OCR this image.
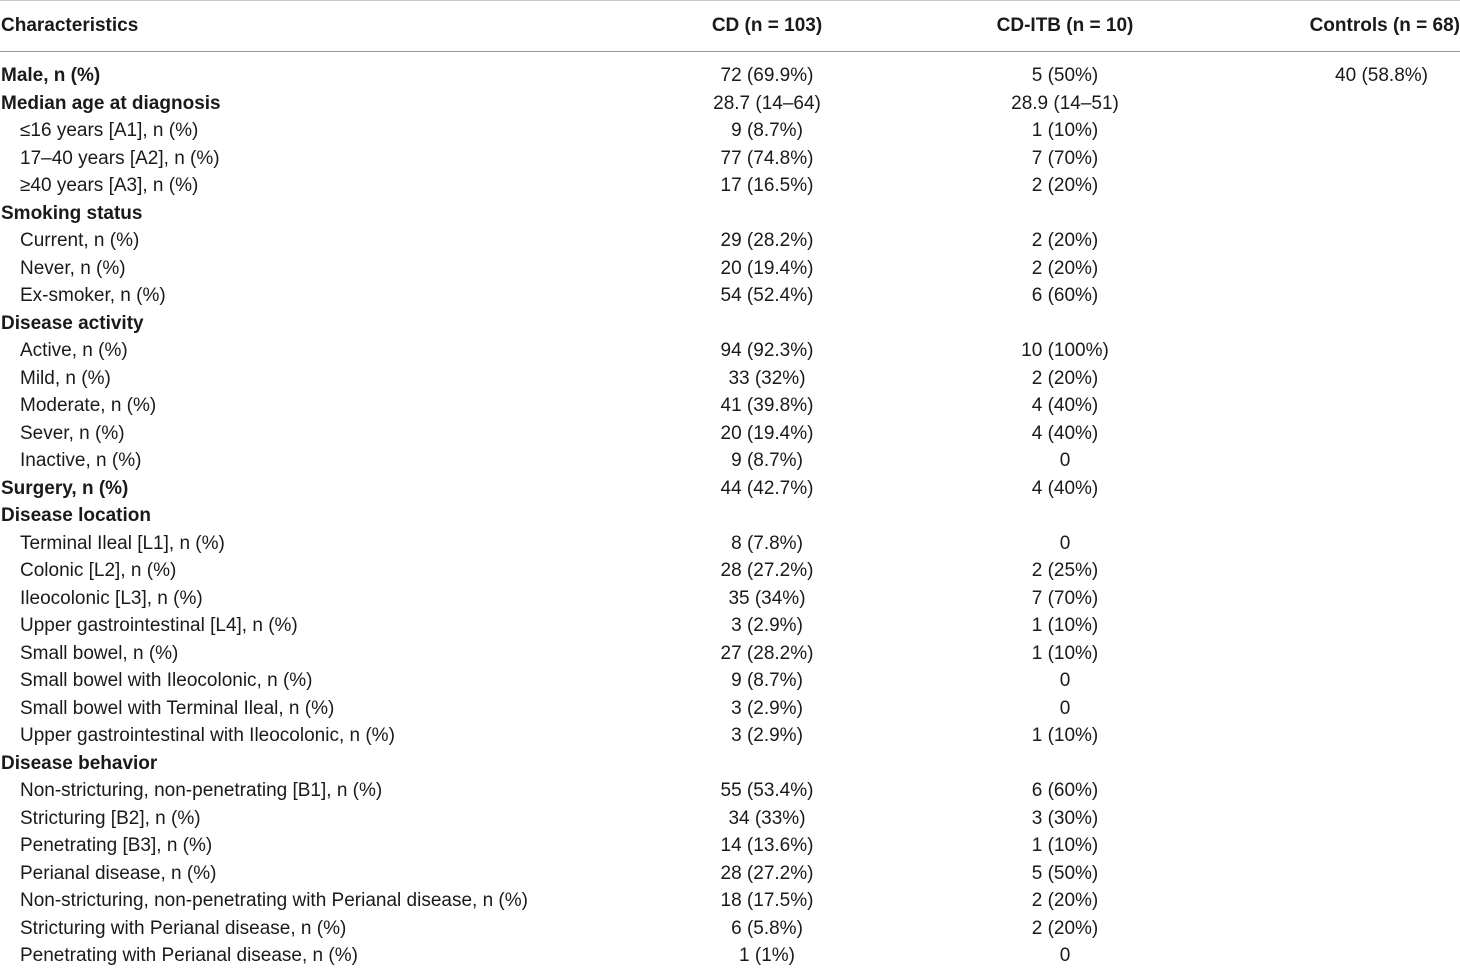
Characteristics	CD (n = 103)	CD-ITB (n = 10)	Controls (n = 68)

Male, n (%)	72 (69.9%)	5 (50%)	40 (58.8%)
Median age at diagnosis	28.7 (14–64)	28.9 (14–51)	
≤16 years [A1], n (%)	9 (8.7%)	1 (10%)	
17–40 years [A2], n (%)	77 (74.8%)	7 (70%)	
≥40 years [A3], n (%)	17 (16.5%)	2 (20%)	
Smoking status			
Current, n (%)	29 (28.2%)	2 (20%)	
Never, n (%)	20 (19.4%)	2 (20%)	
Ex-smoker, n (%)	54 (52.4%)	6 (60%)	
Disease activity			
Active, n (%)	94 (92.3%)	10 (100%)	
Mild, n (%)	33 (32%)	2 (20%)	
Moderate, n (%)	41 (39.8%)	4 (40%)	
Sever, n (%)	20 (19.4%)	4 (40%)	
Inactive, n (%)	9 (8.7%)	0	
Surgery, n (%)	44 (42.7%)	4 (40%)	
Disease location			
Terminal Ileal [L1], n (%)	8 (7.8%)	0	
Colonic [L2], n (%)	28 (27.2%)	2 (25%)	
Ileocolonic [L3], n (%)	35 (34%)	7 (70%)	
Upper gastrointestinal [L4], n (%)	3 (2.9%)	1 (10%)	
Small bowel, n (%)	27 (28.2%)	1 (10%)	
Small bowel with Ileocolonic, n (%)	9 (8.7%)	0	
Small bowel with Terminal Ileal, n (%)	3 (2.9%)	0	
Upper gastrointestinal with Ileocolonic, n (%)	3 (2.9%)	1 (10%)	
Disease behavior			
Non-stricturing, non-penetrating [B1], n (%)	55 (53.4%)	6 (60%)	
Stricturing [B2], n (%)	34 (33%)	3 (30%)	
Penetrating [B3], n (%)	14 (13.6%)	1 (10%)	
Perianal disease, n (%)	28 (27.2%)	5 (50%)	
Non-stricturing, non-penetrating with Perianal disease, n (%)	18 (17.5%)	2 (20%)	
Stricturing with Perianal disease, n (%)	6 (5.8%)	2 (20%)	
Penetrating with Perianal disease, n (%)	1 (1%)	0	
